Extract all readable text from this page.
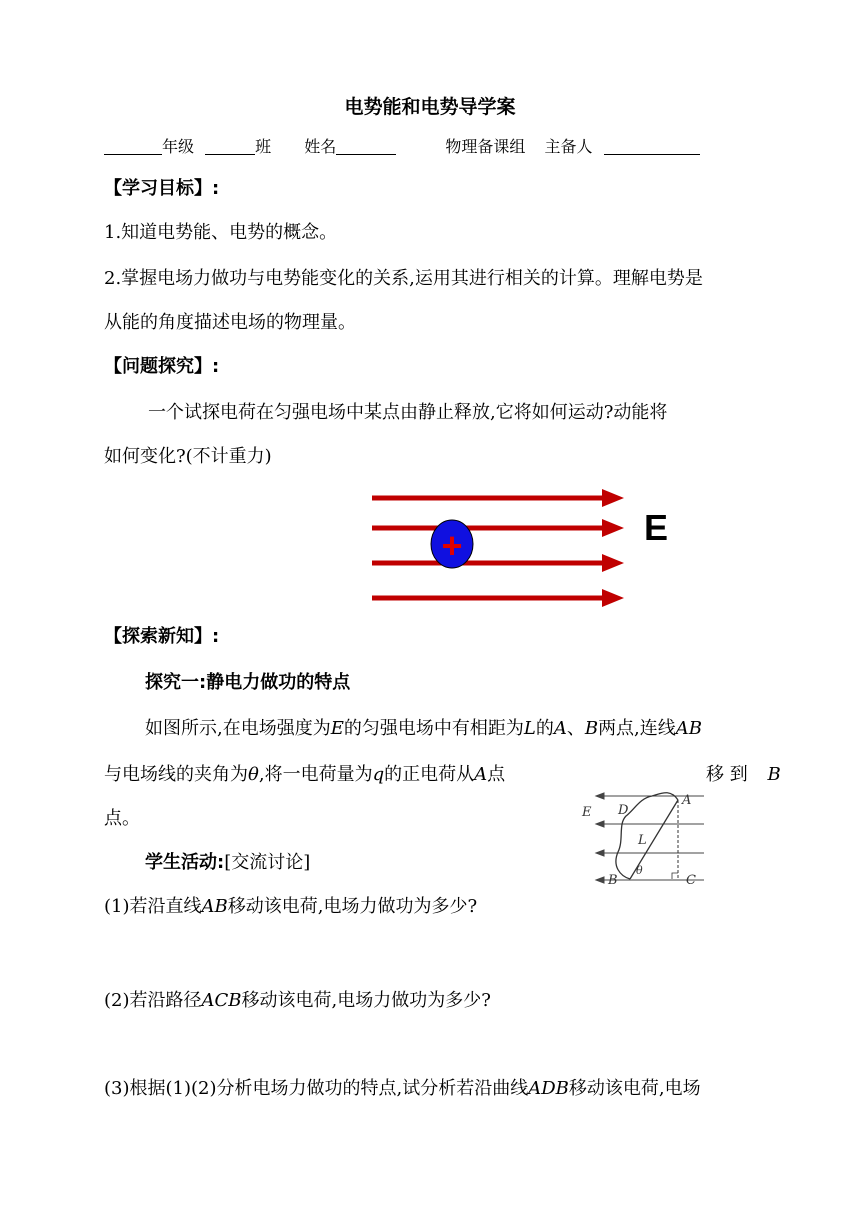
电势能和电势导学案
年级	班 姓名	物理备课组 主备人
【学习目标】:
1.知道电势能、电势的概念。
2.掌握电场力做功与电势能变化的关系,运用其进行相关的计算。理解电势是
从能的角度描述电场的物理量。
【问题探究】:
一个试探电荷在匀强电场中某点由静止释放,它将如何运动?动能将
如何变化?(不计重力)
+	E
【探索新知】:
探究一:静电力做功的特点
如图所示,在电场强度为E的匀强电场中有相距为L的A、B两点,连线AB
与电场线的夹角为θ,将一电荷量为q的正电荷从A点	移 到 B
点。	E D
A
L
θ
B	C
学生活动:[交流讨论]
(1)若沿直线AB移动该电荷,电场力做功为多少?
(2)若沿路径ACB移动该电荷,电场力做功为多少?
(3)根据(1)(2)分析电场力做功的特点,试分析若沿曲线ADB移动该电荷,电场
